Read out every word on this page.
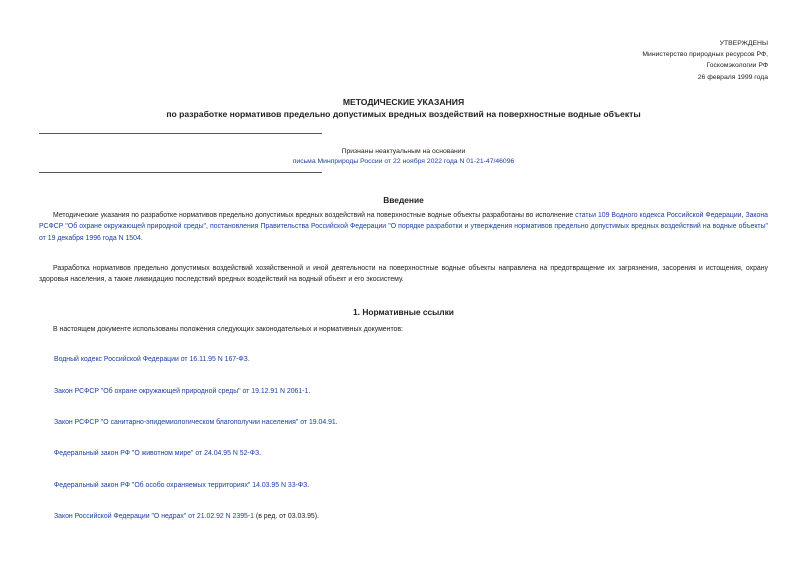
УТВЕРЖДЕНЫ
Министерство природных ресурсов РФ,
Госкомэкологии РФ
26 февраля 1999 года
МЕТОДИЧЕСКИЕ УКАЗАНИЯ
по разработке нормативов предельно допустимых вредных воздействий на поверхностные водные объекты
Признаны неактуальным на основании
письма Минприроды России от 22 ноября 2022 года N 01-21-47/46096
Введение
Методические указания по разработке нормативов предельно допустимых вредных воздействий на поверхностные водные объекты разработаны во исполнение статьи 109 Водного кодекса Российской Федерации, Закона РСФСР "Об охране окружающей природной среды", постановления Правительства Российской Федерации "О порядке разработки и утверждения нормативов предельно допустимых вредных воздействий на водные объекты" от 19 декабря 1996 года N 1504.
Разработка нормативов предельно допустимых воздействий хозяйственной и иной деятельности на поверхностные водные объекты направлена на предотвращение их загрязнения, засорения и истощения, охрану здоровья населения, а также ликвидацию последствий вредных воздействий на водный объект и его экосистему.
1. Нормативные ссылки
В настоящем документе использованы положения следующих законодательных и нормативных документов:
Водный кодекс Российской Федерации от 16.11.95 N 167-ФЗ.
Закон РСФСР "Об охране окружающей природной среды" от 19.12.91 N 2061-1.
Закон РСФСР "О санитарно-эпидемиологическом благополучии населения" от 19.04.91.
Федеральный закон РФ "О животном мире" от 24.04.95 N 52-ФЗ.
Федеральный закон РФ "Об особо охраняемых территориях" 14.03.95 N 33-ФЗ.
Закон Российской Федерации "О недрах" от 21.02.92 N 2395-1 (в ред. от 03.03.95).
